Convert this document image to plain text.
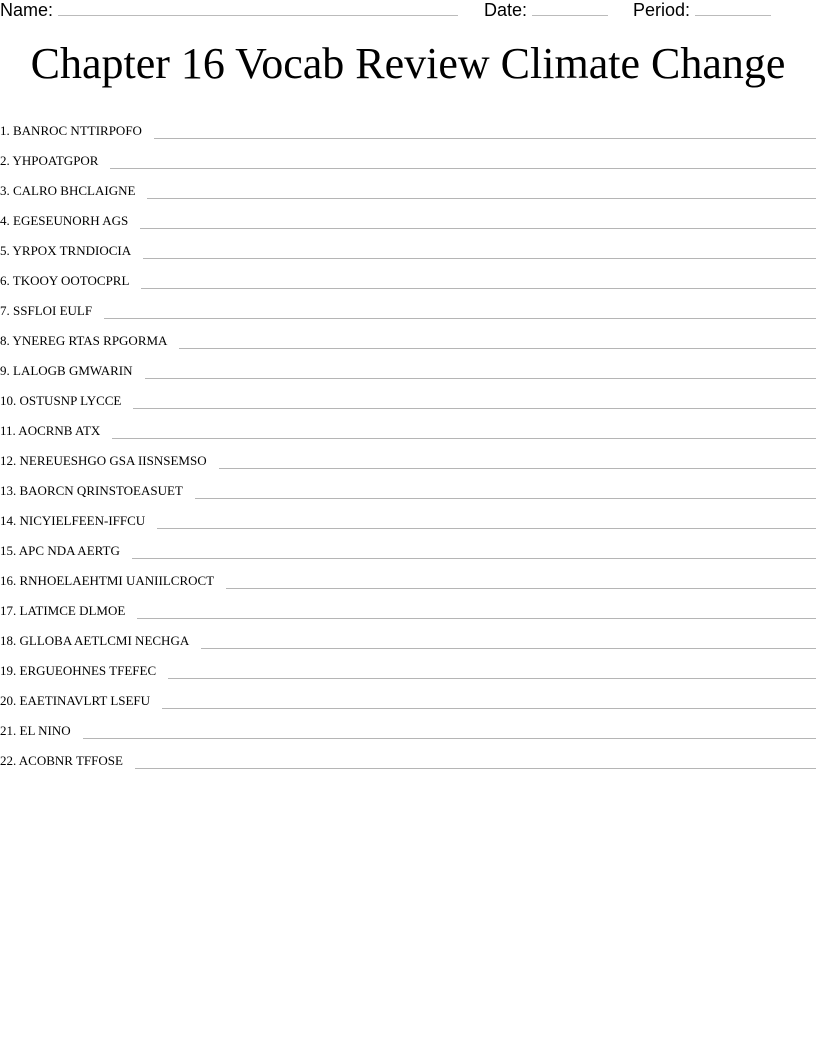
Name:	Date:	Period:
Chapter 16 Vocab Review Climate Change
1. BANROC NTTIRPOFO
2. YHPOATGPOR
3. CALRO BHCLAIGNE
4. EGESEUNORH AGS
5. YRPOX TRNDIOCIA
6. TKOOY OOTOCPRL
7. SSFLOI EULF
8. YNEREG RTAS RPGORMA
9. LALOGB GMWARIN
10. OSTUSNP LYCCE
11. AOCRNB ATX
12. NEREUESHGO GSA IISNSEMSO
13. BAORCN QRINSTOEASUET
14. NICYIELFEEN-IFFCU
15. APC NDA AERTG
16. RNHOELAEHTMI UANIILCROCT
17. LATIMCE DLMOE
18. GLLOBA AETLCMI NECHGA
19. ERGUEOHNES TFEFEC
20. EAETINAVLRT LSEFU
21. EL NINO
22. ACOBNR TFFOSE
